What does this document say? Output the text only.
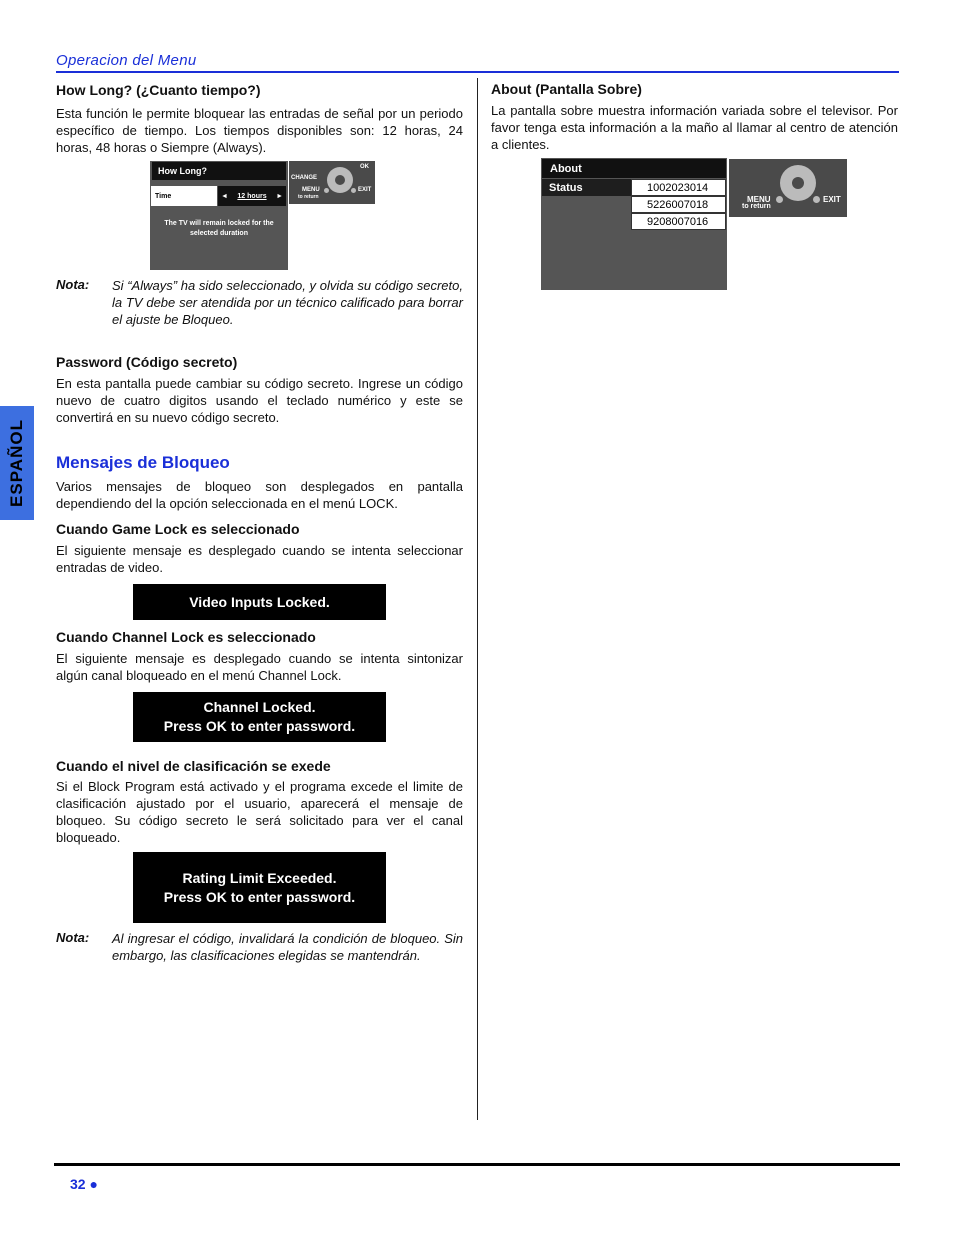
Operacion del Menu
ESPAÑOL
How Long? (¿Cuanto tiempo?)

Esta función le permite bloquear las entradas de señal por un periodo específico de tiempo. Los tiempos disponibles son: 12 horas, 24 horas, 48 horas o Siempre (Always).

How Long?
Time	◄ 12 hours ►
The TV will remain locked for the selected duration
OK
CHANGE
MENU
to return
EXIT
Nota: Si “Always” ha sido seleccionado, y olvida su código secreto, la TV debe ser atendida por un técnico calificado para borrar el ajuste be Bloqueo.

Password (Código secreto)

En esta pantalla puede cambiar su código secreto. Ingrese un código nuevo de cuatro digitos usando el teclado numérico y este se convertirá en su nuevo código secreto.

Mensajes de Bloqueo

Varios mensajes de bloqueo son desplegados en pantalla dependiendo del la opción seleccionada en el menú LOCK.

Cuando Game Lock es seleccionado

El siguiente mensaje es desplegado cuando se intenta seleccionar entradas de video.

Video Inputs Locked.
Cuando Channel Lock es seleccionado

El siguiente mensaje es desplegado cuando se intenta sintonizar algún canal bloqueado en el menú Channel Lock.

Channel Locked.
Press OK to enter password.
Cuando el nivel de clasificación se exede

Si el Block Program está activado y el programa excede el limite de clasificación ajustado por el usuario, aparecerá el mensaje de bloqueo. Su código secreto le será solicitado para ver el canal bloqueado.

Rating Limit Exceeded.
Press OK to enter password.
Nota: Al ingresar el código, invalidará la condición de bloqueo. Sin embargo, las clasificaciones elegidas se mantendrán.

About (Pantalla Sobre)

La pantalla sobre muestra información variada sobre el televisor. Por favor tenga esta información a la maño al llamar al centro de atención a clientes.

About
Status	1002023014
5226007018
9208007016
MENU
to return
EXIT
32 ●
